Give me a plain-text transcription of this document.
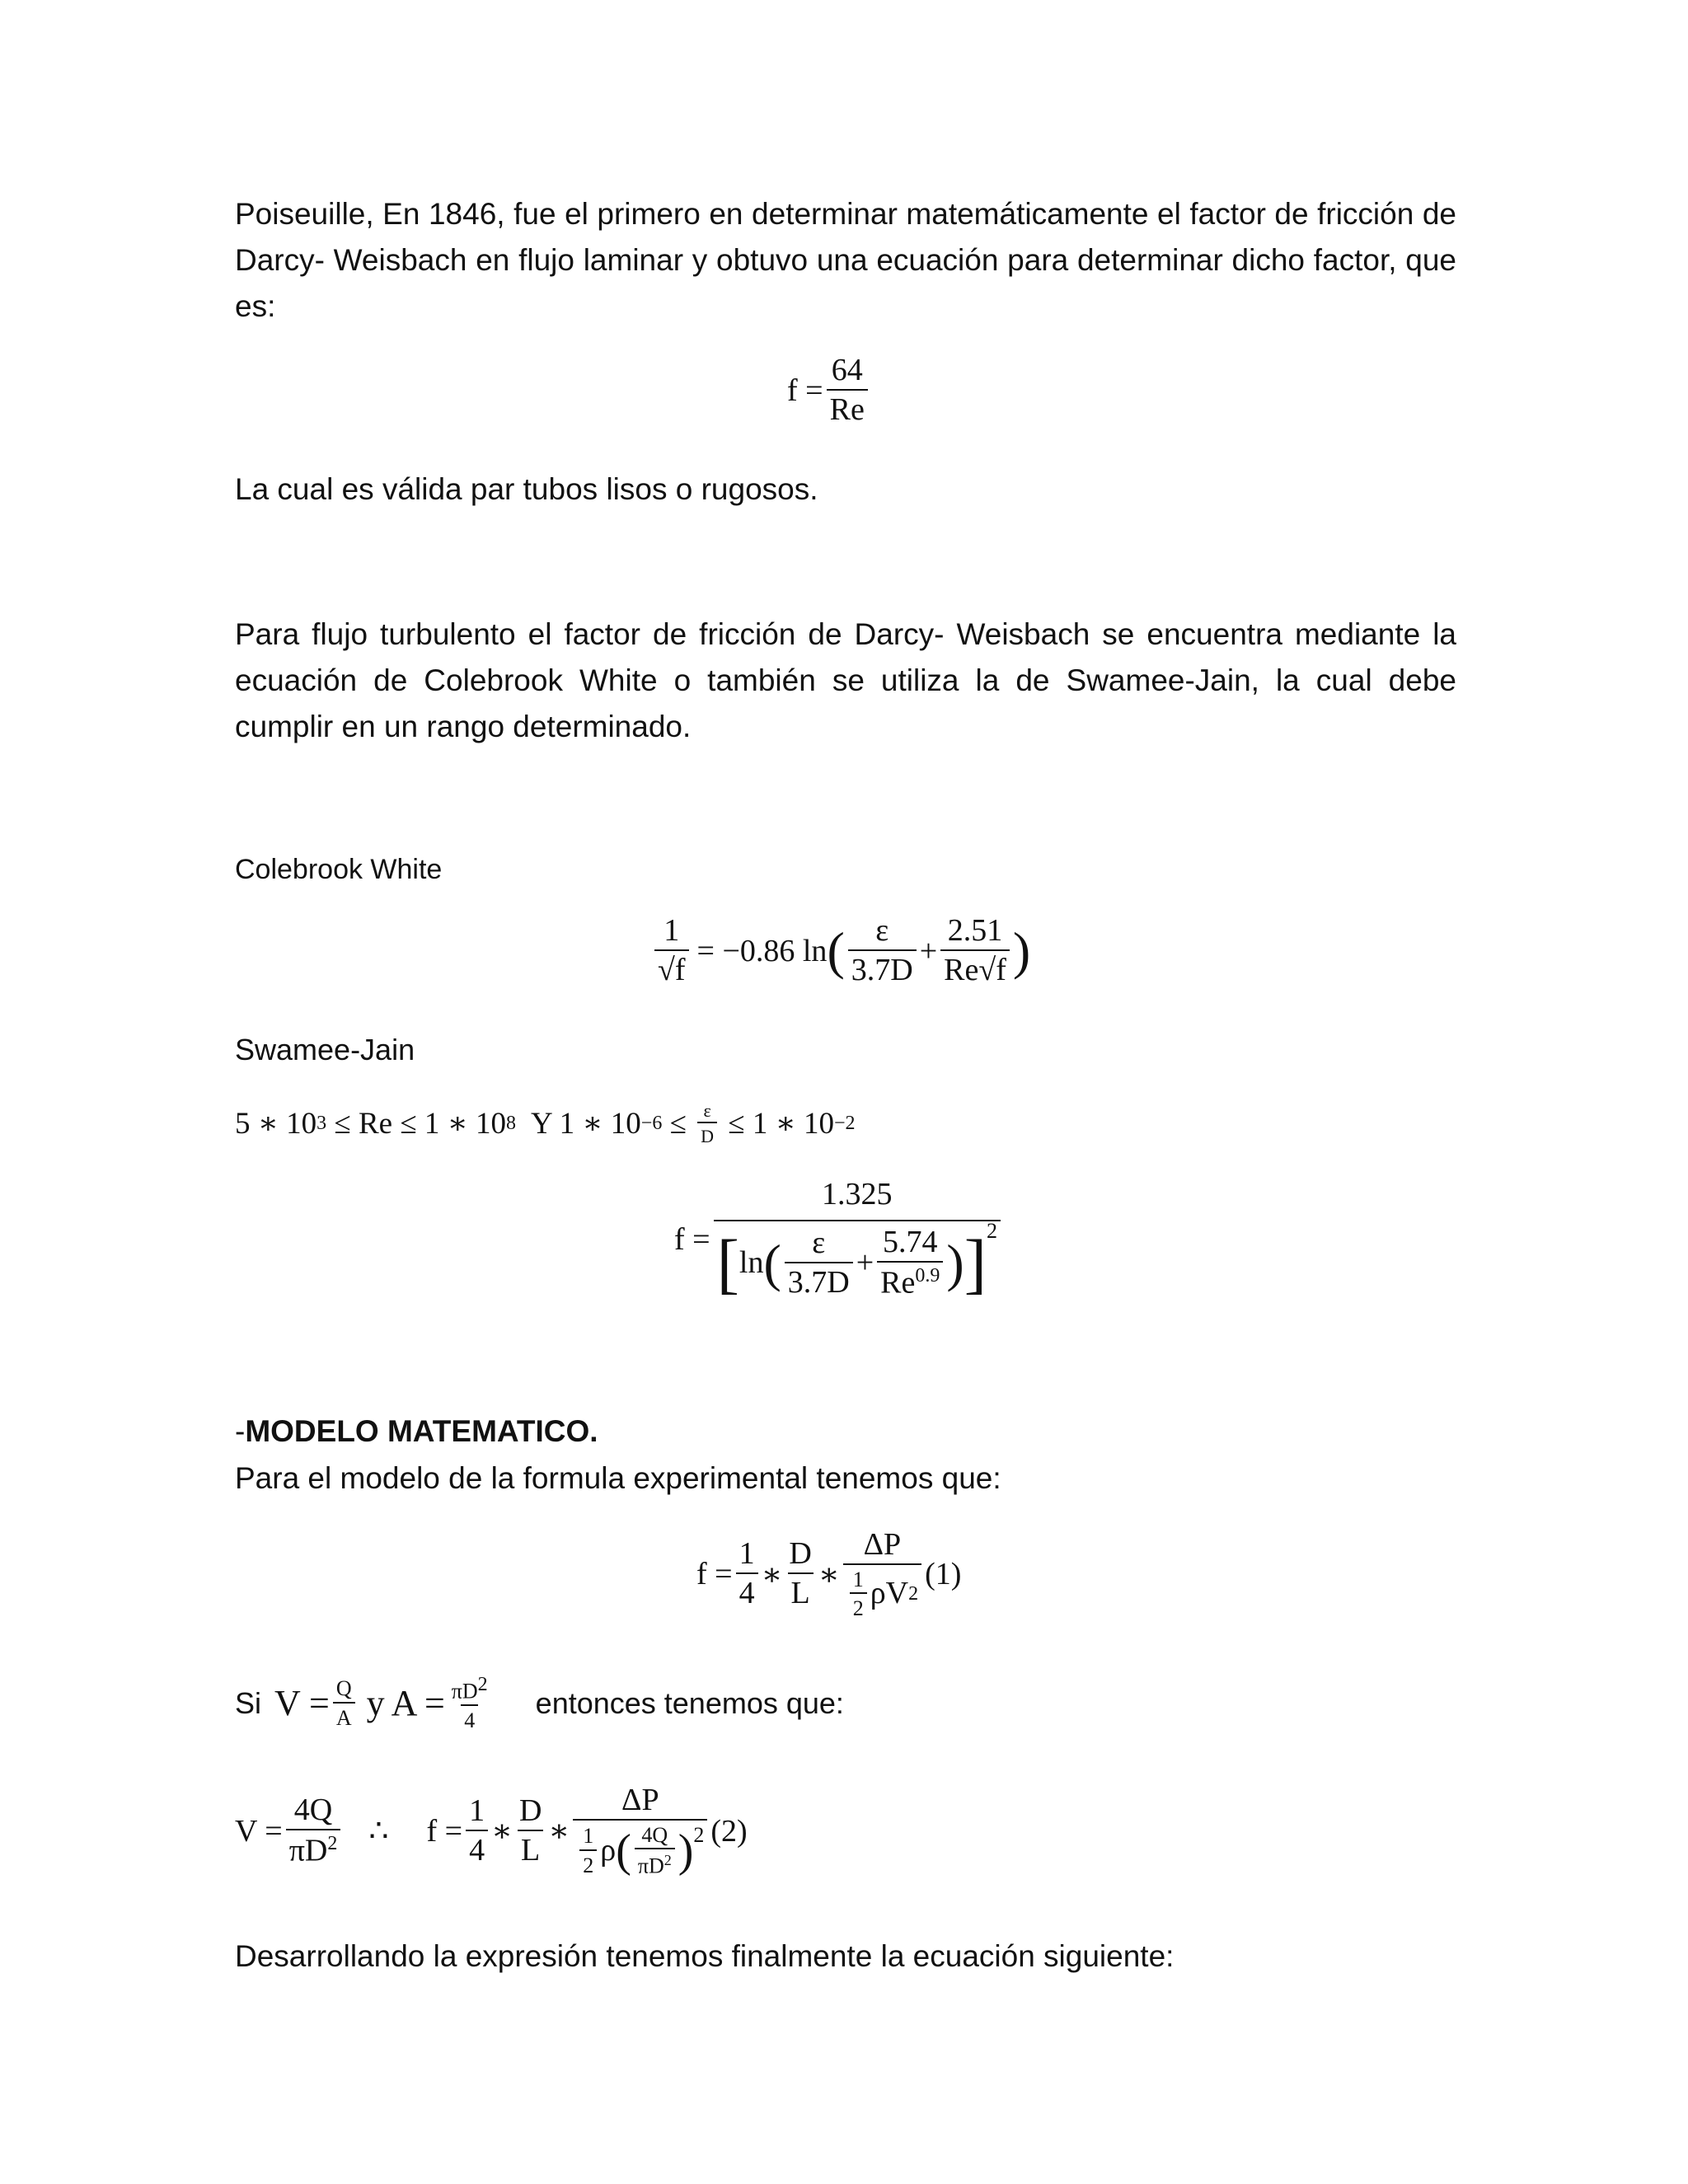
Poiseuille, En 1846, fue el primero en determinar matemáticamente el factor de fricción de Darcy- Weisbach en flujo laminar y obtuvo una ecuación para determinar dicho factor, que es:

$f = \frac{64}{Re}$

La cual es válida par tubos lisos o rugosos.

Para flujo turbulento el factor de fricción de Darcy- Weisbach se encuentra mediante la ecuación de Colebrook White o también se utiliza la de Swamee-Jain, la cual debe cumplir en un rango determinado.

Colebrook White

$\frac{1}{√f} = -0.86$ ln ( $\frac{\varepsilon}{3.7D} + \frac{2.51}{Re√f}$ )

Swamee-Jain

5 ∗ 10 3 ≤ Re ≤ 1 ∗ 10 8 Y 1 ∗ $10 -6 \le \frac{\varepsilon}{D} \le 1$ ∗ 10 −2
f =
1.325
[ ln ( $\frac{\varepsilon}{3.7D} + \frac{5.74}{Re^{0.9}}$ ) ] 2

-MODELO MATEMATICO.

Para el modelo de la formula experimental tenemos que:

$f = \frac{1}{4}$ ∗ $\frac{D}{L}$ ∗ $\frac{\Delta P}{\frac{1}{2} \rho V 2} (1)$
Si $V = \frac{Q}{A}$ y $A = \frac{\pi D2}{4}$ entonces tenemos que:
$V = \frac{4Q}{\pi D^2}$ ∴ $f = \frac{1}{4}$ ∗ $\frac{D}{L}$ ∗
ΔP
$\frac{1}{2}$ ρ ( $\frac{4Q}{\pi D^2}$ ) 2 (2)

Desarrollando la expresión tenemos finalmente la ecuación siguiente:
